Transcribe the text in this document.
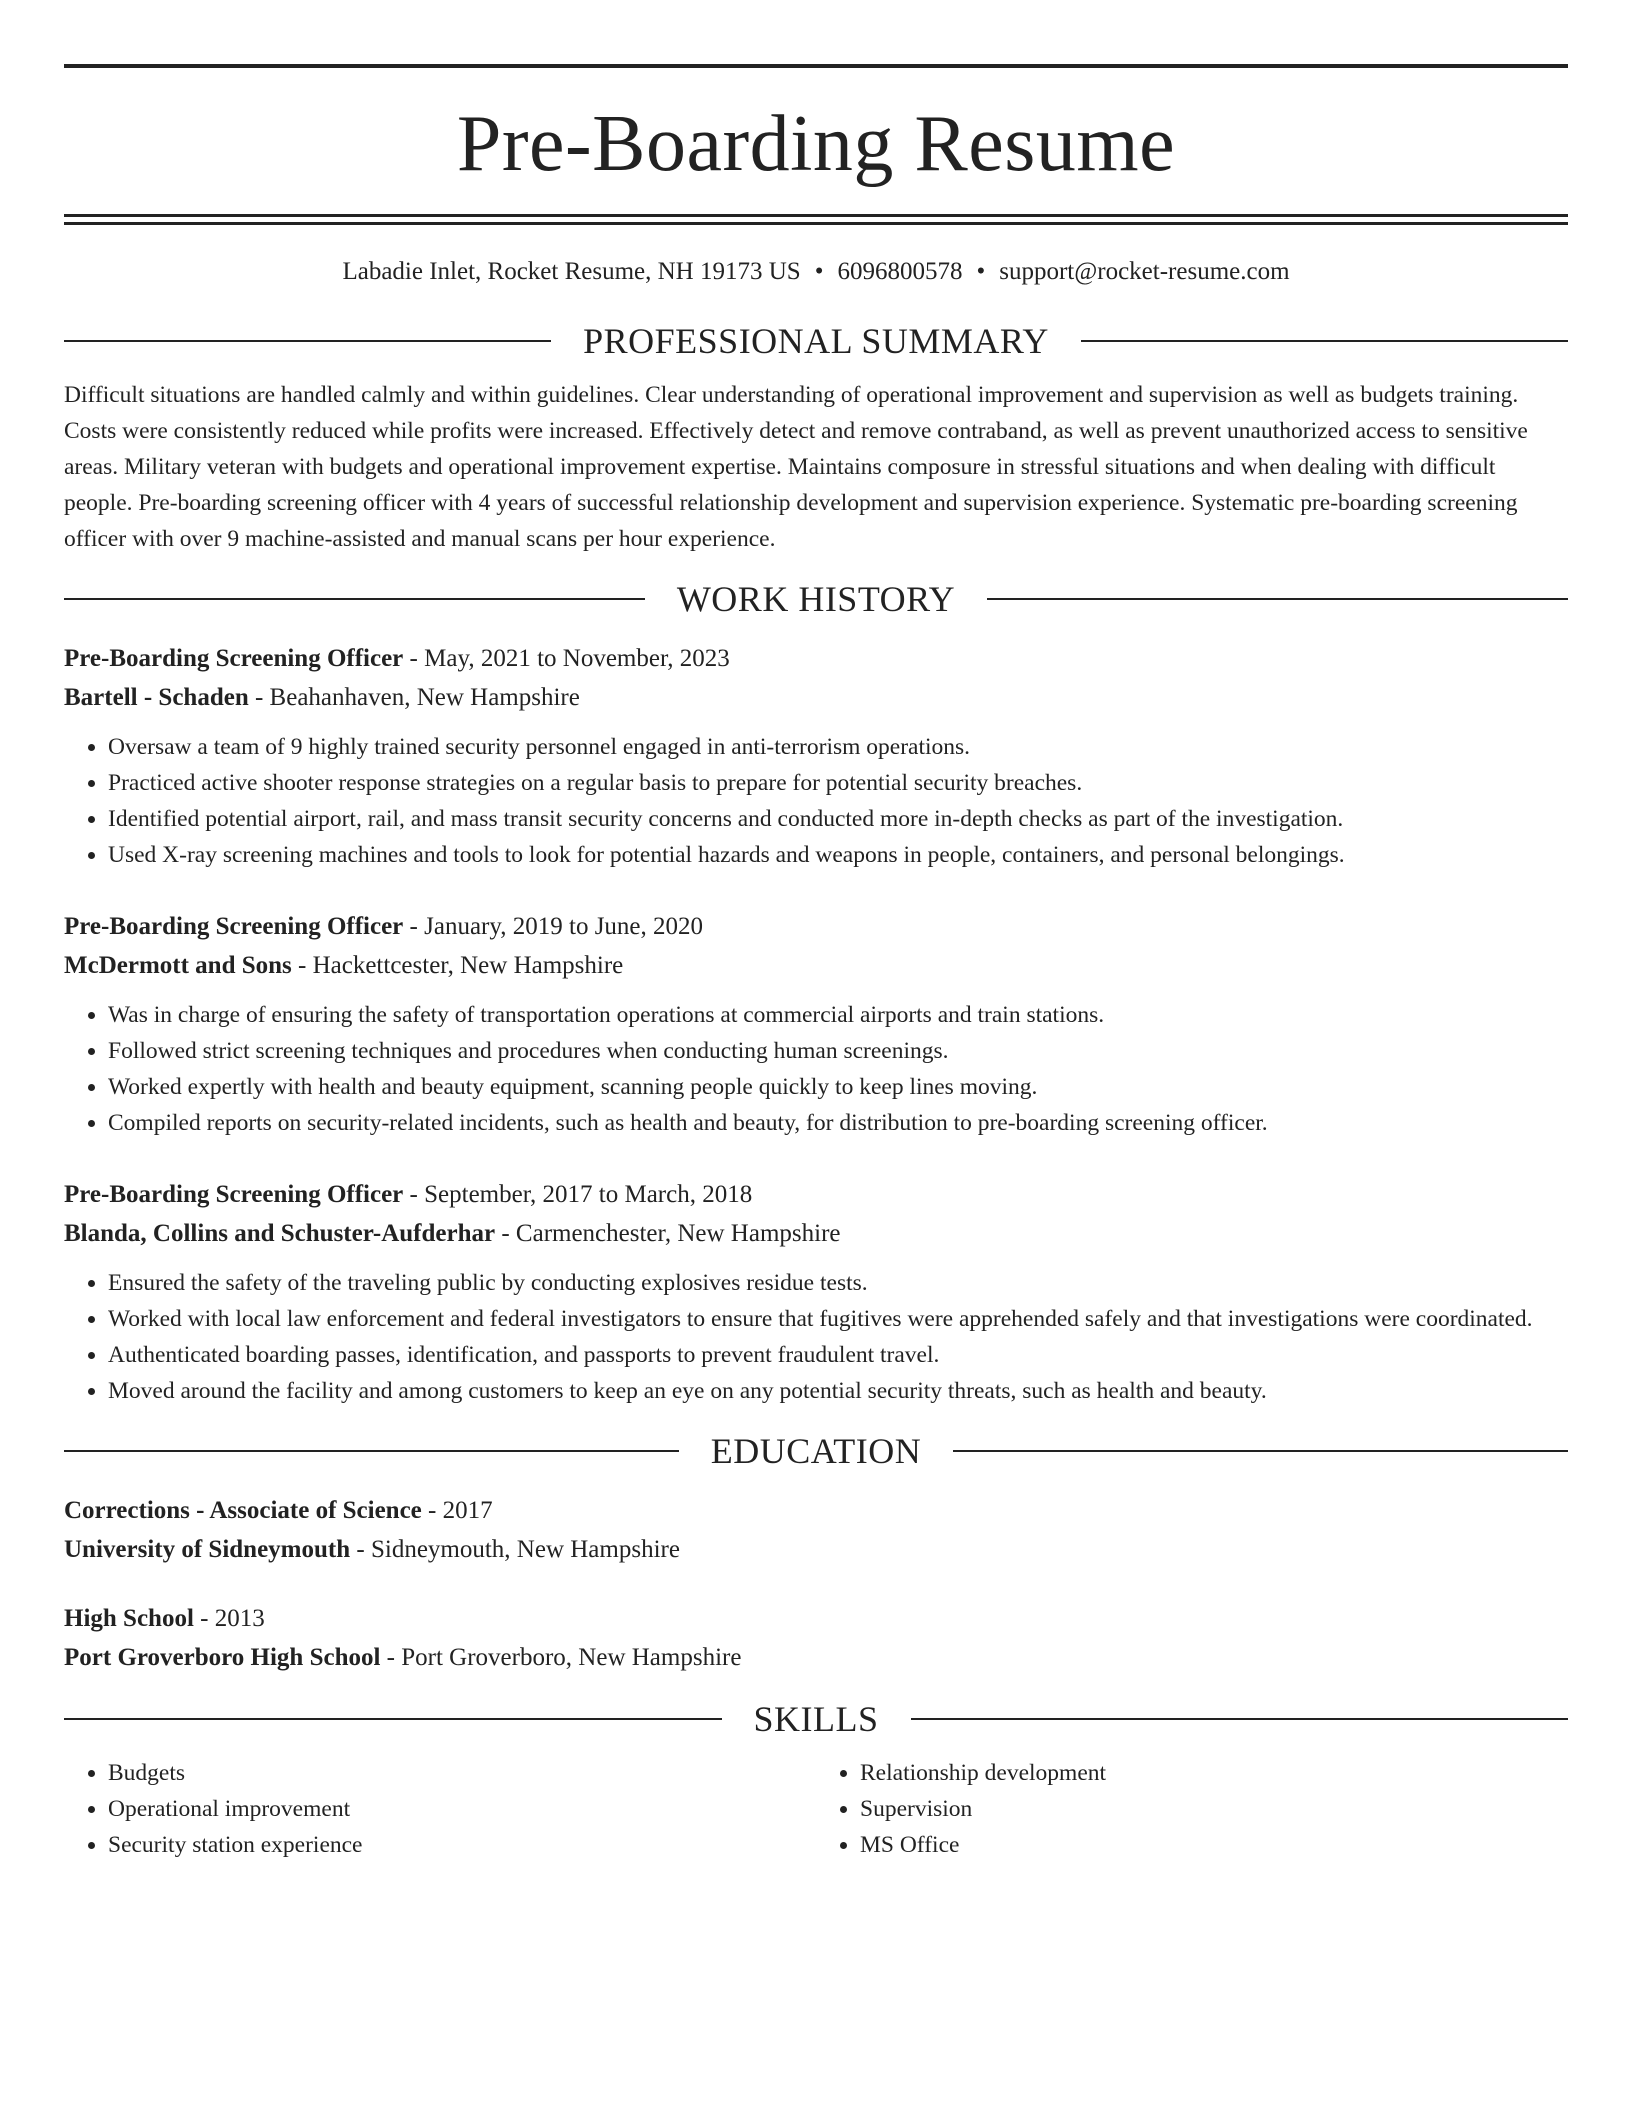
Pre-Boarding Resume
Labadie Inlet, Rocket Resume, NH 19173 US • 6096800578 • support@rocket-resume.com
PROFESSIONAL SUMMARY
Difficult situations are handled calmly and within guidelines. Clear understanding of operational improvement and supervision as well as budgets training. Costs were consistently reduced while profits were increased. Effectively detect and remove contraband, as well as prevent unauthorized access to sensitive areas. Military veteran with budgets and operational improvement expertise. Maintains composure in stressful situations and when dealing with difficult people. Pre-boarding screening officer with 4 years of successful relationship development and supervision experience. Systematic pre-boarding screening officer with over 9 machine-assisted and manual scans per hour experience.
WORK HISTORY
Pre-Boarding Screening Officer - May, 2021 to November, 2023
Bartell - Schaden - Beahanhaven, New Hampshire
• Oversaw a team of 9 highly trained security personnel engaged in anti-terrorism operations.
• Practiced active shooter response strategies on a regular basis to prepare for potential security breaches.
• Identified potential airport, rail, and mass transit security concerns and conducted more in-depth checks as part of the investigation.
• Used X-ray screening machines and tools to look for potential hazards and weapons in people, containers, and personal belongings.
Pre-Boarding Screening Officer - January, 2019 to June, 2020
McDermott and Sons - Hackettcester, New Hampshire
• Was in charge of ensuring the safety of transportation operations at commercial airports and train stations.
• Followed strict screening techniques and procedures when conducting human screenings.
• Worked expertly with health and beauty equipment, scanning people quickly to keep lines moving.
• Compiled reports on security-related incidents, such as health and beauty, for distribution to pre-boarding screening officer.
Pre-Boarding Screening Officer - September, 2017 to March, 2018
Blanda, Collins and Schuster-Aufderhar - Carmenchester, New Hampshire
• Ensured the safety of the traveling public by conducting explosives residue tests.
• Worked with local law enforcement and federal investigators to ensure that fugitives were apprehended safely and that investigations were coordinated.
• Authenticated boarding passes, identification, and passports to prevent fraudulent travel.
• Moved around the facility and among customers to keep an eye on any potential security threats, such as health and beauty.
EDUCATION
Corrections - Associate of Science - 2017
University of Sidneymouth - Sidneymouth, New Hampshire
High School - 2013
Port Groverboro High School - Port Groverboro, New Hampshire
SKILLS
• Budgets
• Operational improvement
• Security station experience
• Relationship development
• Supervision
• MS Office
